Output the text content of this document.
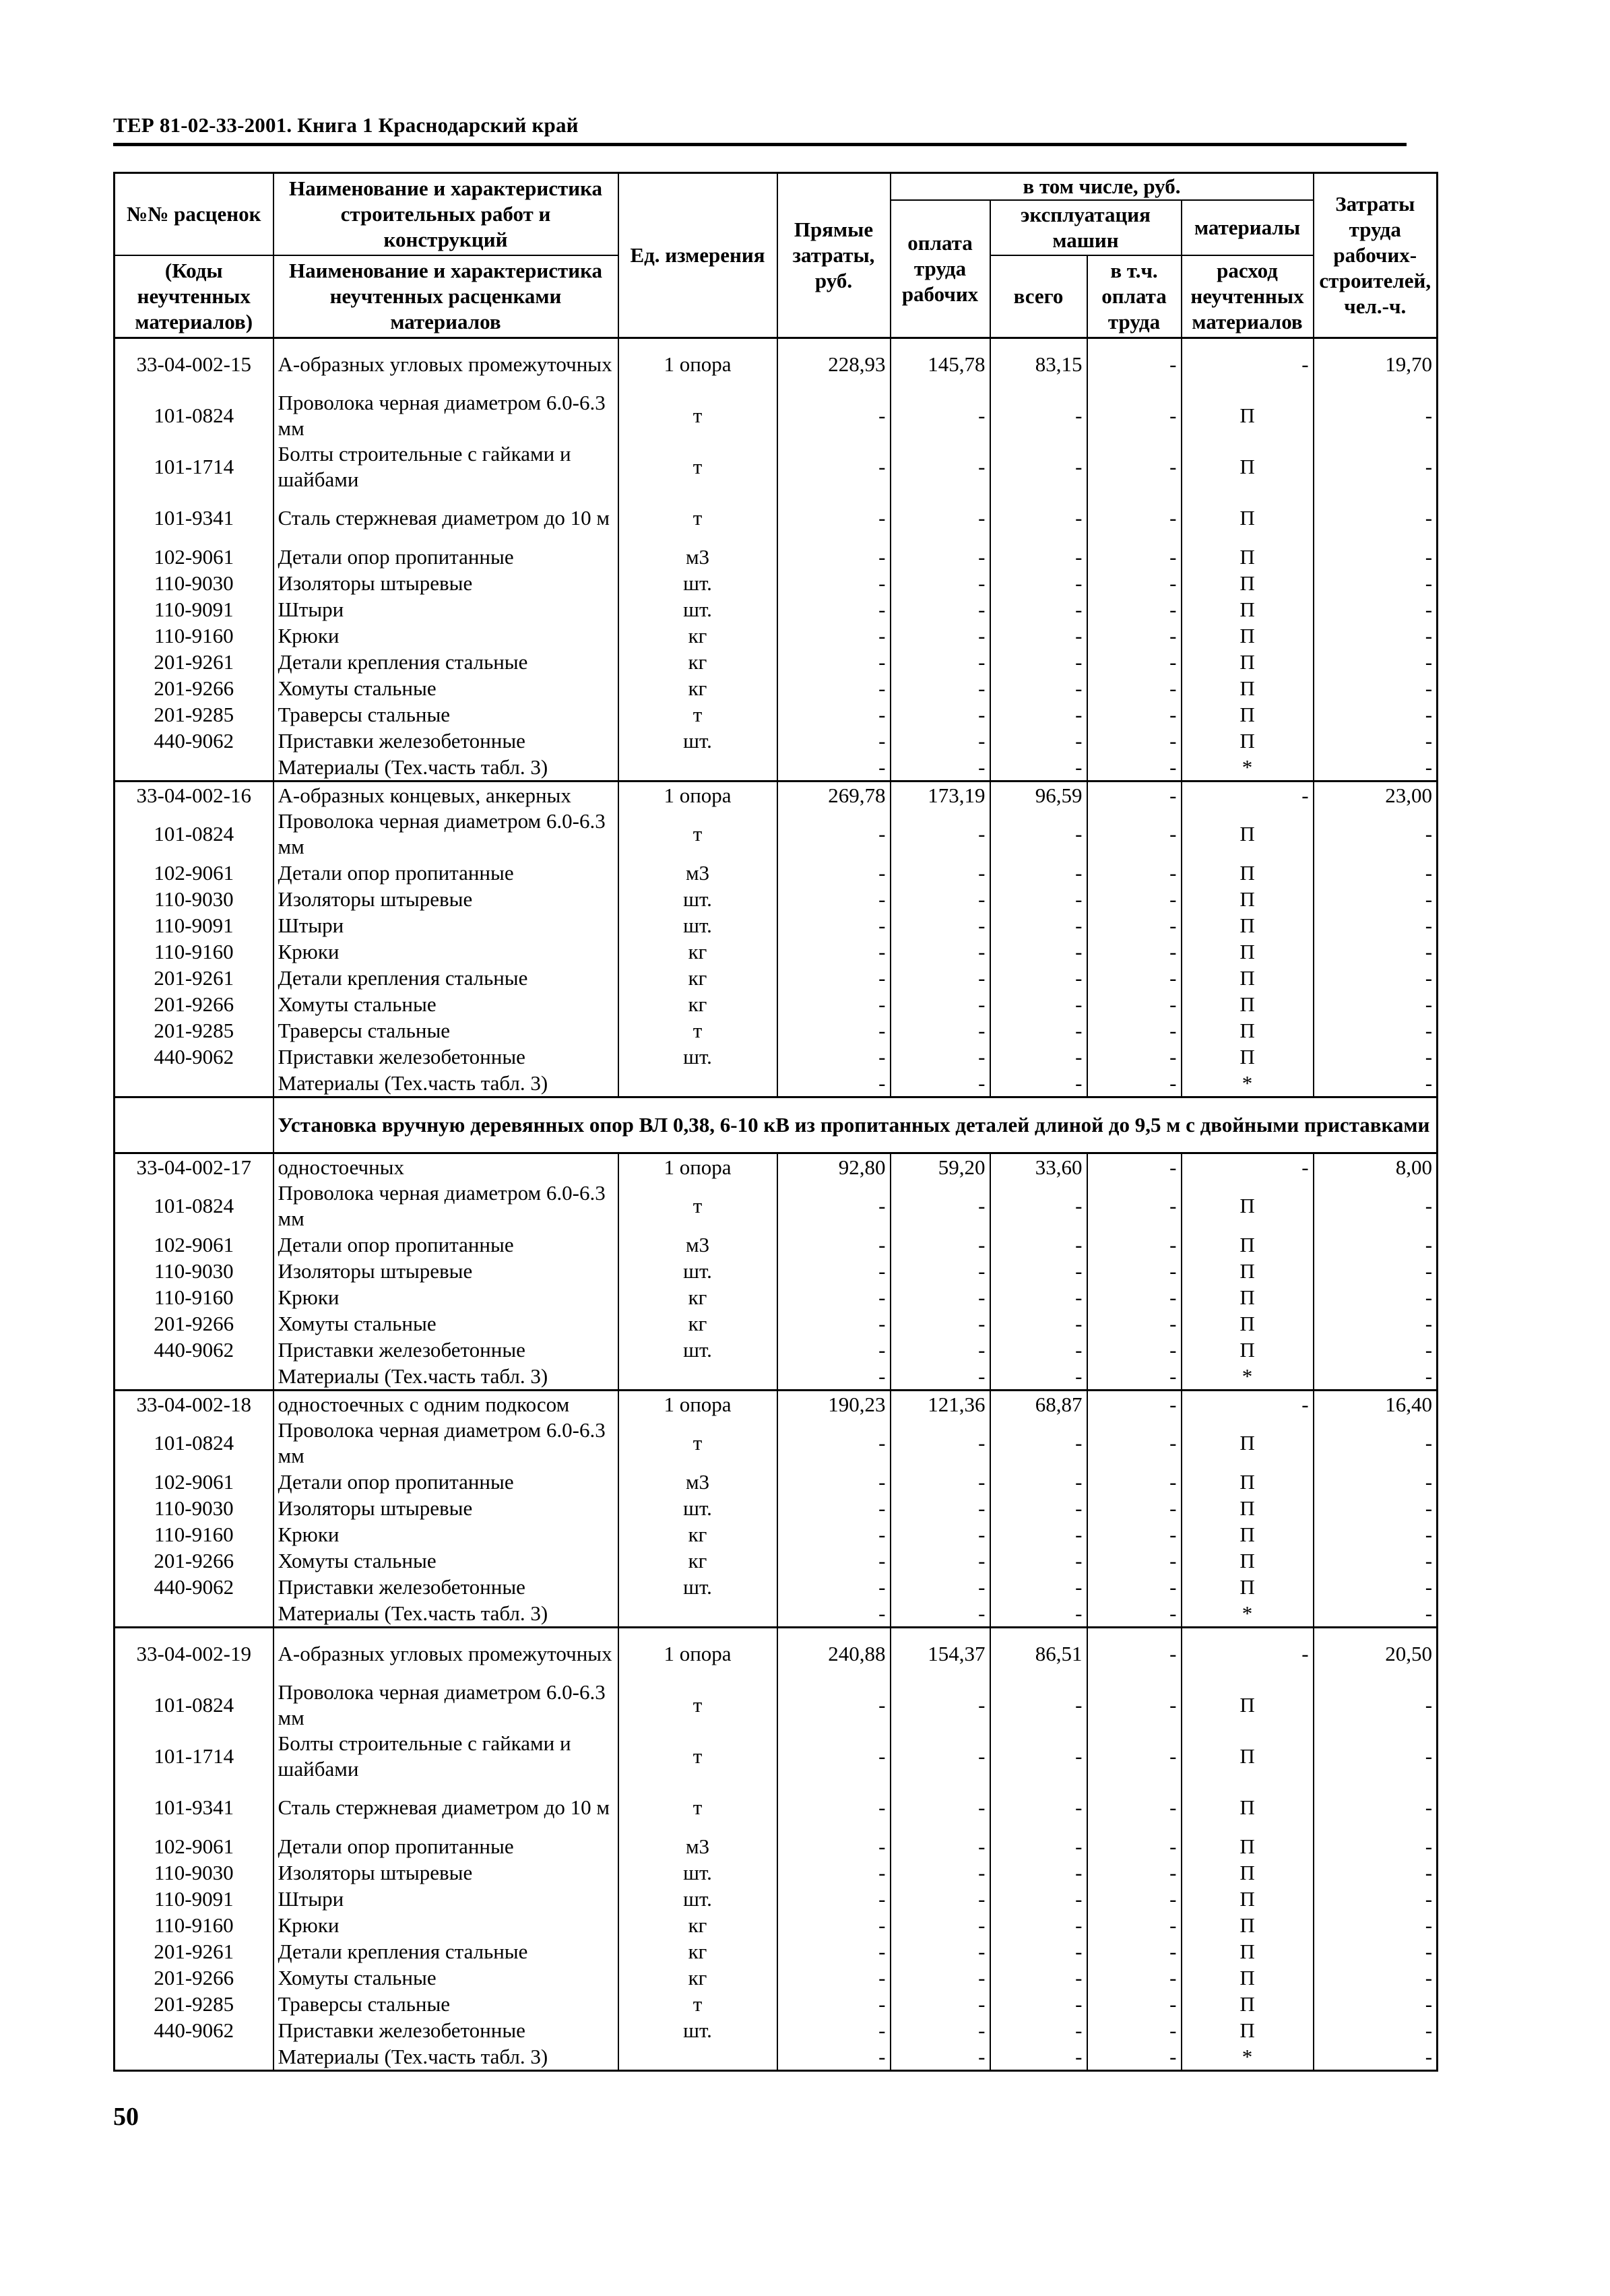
ТЕР 81-02-33-2001. Книга 1 Краснодарский край
№№ расценок	Наименование и характеристика строительных работ и конструкций	Ед. измерения	Прямые затраты, руб.	в том числе, руб.				Затраты труда рабочих-строителей, чел.-ч.
				оплата труда рабочих	эксплуатация машин		материалы	
(Коды неучтенных материалов)	Наименование и характеристика неучтенных расценками материалов				всего	в т.ч. оплата труда	расход неучтенных материалов	

33-04-002-15	А-образных угловых промежуточных	1 опора	228,93	145,78	83,15	-	-	19,70
101-0824	Проволока черная диаметром 6.0-6.3 мм	т	-	-	-	-	П	-
101-1714	Болты строительные с гайками и шайбами	т	-	-	-	-	П	-
101-9341	Сталь стержневая диаметром до 10 м	т	-	-	-	-	П	-
102-9061	Детали опор пропитанные	м3	-	-	-	-	П	-
110-9030	Изоляторы штыревые	шт.	-	-	-	-	П	-
110-9091	Штыри	шт.	-	-	-	-	П	-
110-9160	Крюки	кг	-	-	-	-	П	-
201-9261	Детали крепления стальные	кг	-	-	-	-	П	-
201-9266	Хомуты стальные	кг	-	-	-	-	П	-
201-9285	Траверсы стальные	т	-	-	-	-	П	-
440-9062	Приставки железобетонные	шт.	-	-	-	-	П	-
	Материалы (Тех.часть табл. 3)		-	-	-	-	*	-
33-04-002-16	А-образных концевых, анкерных	1 опора	269,78	173,19	96,59	-	-	23,00
101-0824	Проволока черная диаметром 6.0-6.3 мм	т	-	-	-	-	П	-
102-9061	Детали опор пропитанные	м3	-	-	-	-	П	-
110-9030	Изоляторы штыревые	шт.	-	-	-	-	П	-
110-9091	Штыри	шт.	-	-	-	-	П	-
110-9160	Крюки	кг	-	-	-	-	П	-
201-9261	Детали крепления стальные	кг	-	-	-	-	П	-
201-9266	Хомуты стальные	кг	-	-	-	-	П	-
201-9285	Траверсы стальные	т	-	-	-	-	П	-
440-9062	Приставки железобетонные	шт.	-	-	-	-	П	-
	Материалы (Тех.часть табл. 3)		-	-	-	-	*	-
	Установка вручную деревянных опор ВЛ 0,38, 6-10 кВ из пропитанных деталей длиной до 9,5 м с двойными приставками							
33-04-002-17	одностоечных	1 опора	92,80	59,20	33,60	-	-	8,00
101-0824	Проволока черная диаметром 6.0-6.3 мм	т	-	-	-	-	П	-
102-9061	Детали опор пропитанные	м3	-	-	-	-	П	-
110-9030	Изоляторы штыревые	шт.	-	-	-	-	П	-
110-9160	Крюки	кг	-	-	-	-	П	-
201-9266	Хомуты стальные	кг	-	-	-	-	П	-
440-9062	Приставки железобетонные	шт.	-	-	-	-	П	-
	Материалы (Тех.часть табл. 3)		-	-	-	-	*	-
33-04-002-18	одностоечных с одним подкосом	1 опора	190,23	121,36	68,87	-	-	16,40
101-0824	Проволока черная диаметром 6.0-6.3 мм	т	-	-	-	-	П	-
102-9061	Детали опор пропитанные	м3	-	-	-	-	П	-
110-9030	Изоляторы штыревые	шт.	-	-	-	-	П	-
110-9160	Крюки	кг	-	-	-	-	П	-
201-9266	Хомуты стальные	кг	-	-	-	-	П	-
440-9062	Приставки железобетонные	шт.	-	-	-	-	П	-
	Материалы (Тех.часть табл. 3)		-	-	-	-	*	-
33-04-002-19	А-образных угловых промежуточных	1 опора	240,88	154,37	86,51	-	-	20,50
101-0824	Проволока черная диаметром 6.0-6.3 мм	т	-	-	-	-	П	-
101-1714	Болты строительные с гайками и шайбами	т	-	-	-	-	П	-
101-9341	Сталь стержневая диаметром до 10 м	т	-	-	-	-	П	-
102-9061	Детали опор пропитанные	м3	-	-	-	-	П	-
110-9030	Изоляторы штыревые	шт.	-	-	-	-	П	-
110-9091	Штыри	шт.	-	-	-	-	П	-
110-9160	Крюки	кг	-	-	-	-	П	-
201-9261	Детали крепления стальные	кг	-	-	-	-	П	-
201-9266	Хомуты стальные	кг	-	-	-	-	П	-
201-9285	Траверсы стальные	т	-	-	-	-	П	-
440-9062	Приставки железобетонные	шт.	-	-	-	-	П	-
	Материалы (Тех.часть табл. 3)		-	-	-	-	*	-
50
